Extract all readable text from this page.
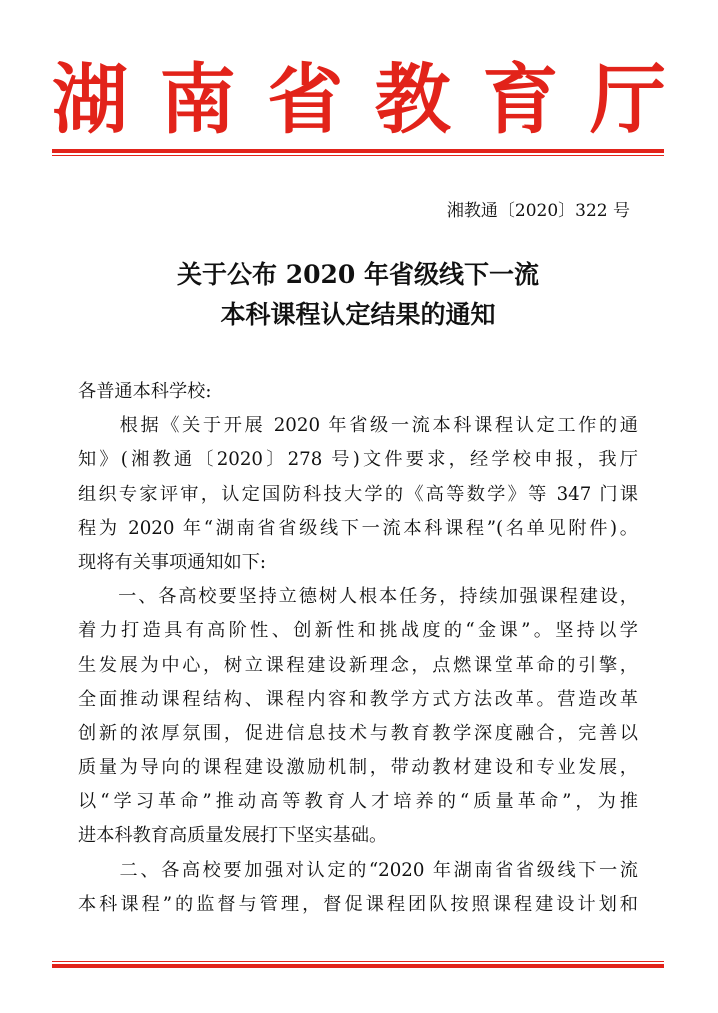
湖 南 省 教 育 厅
湘教通〔2020〕322 号
关于公布 2020 年省级线下一流
本科课程认定结果的通知
各普通本科学校:
　　根据《关于开展 2020 年省级一流本科课程认定工作的通
知》(湘教通〔2020〕278 号)文件要求，经学校申报，我厅
组织专家评审，认定国防科技大学的《高等数学》等 347 门课
程为 2020 年“湖南省省级线下一流本科课程”(名单见附件)。
现将有关事项通知如下:
　　一、各高校要坚持立德树人根本任务，持续加强课程建设，
着力打造具有高阶性、创新性和挑战度的“金课”。坚持以学
生发展为中心，树立课程建设新理念，点燃课堂革命的引擎，
全面推动课程结构、课程内容和教学方式方法改革。营造改革
创新的浓厚氛围，促进信息技术与教育教学深度融合，完善以
质量为导向的课程建设激励机制，带动教材建设和专业发展，
以“学习革命”推动高等教育人才培养的“质量革命”，为推
进本科教育高质量发展打下坚实基础。
　　二、各高校要加强对认定的“2020 年湖南省省级线下一流
本科课程”的监督与管理，督促课程团队按照课程建设计划和
